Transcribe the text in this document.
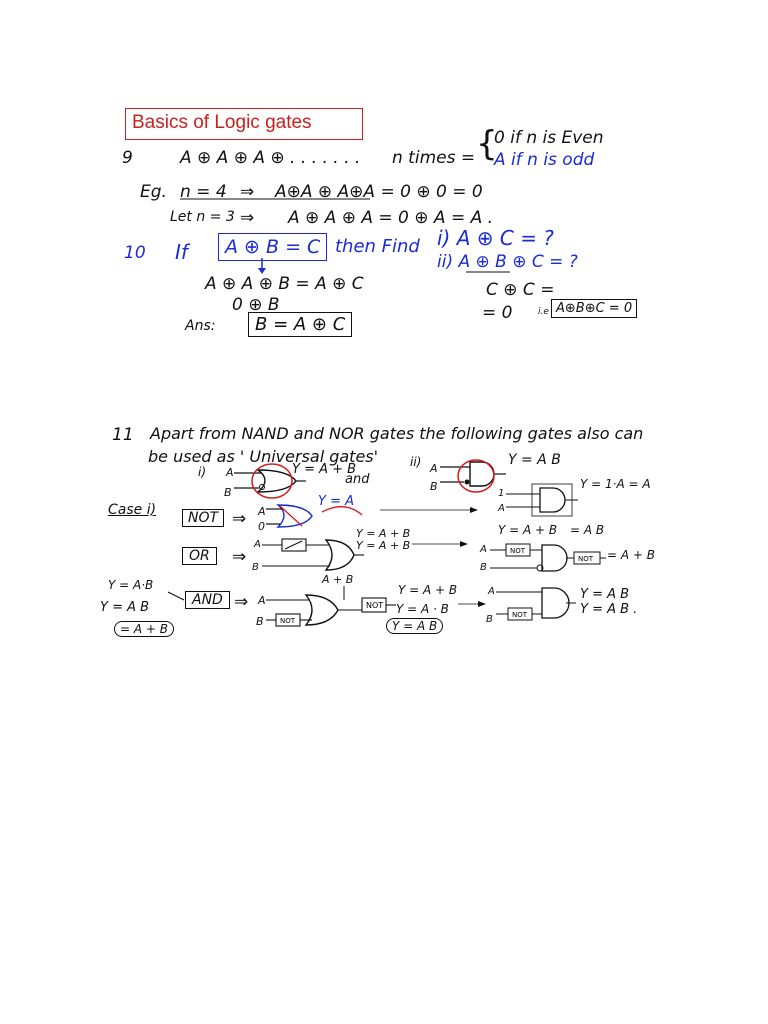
Basics of Logic gates
9	A ⊕ A ⊕ A ⊕ . . . . . . . n times = {
0 if n is Even
A if n is odd
Eg. n = 4 ⇒ A⊕A ⊕ A⊕A = 0 ⊕ 0 = 0
Let n = 3 ⇒ A ⊕ A ⊕ A = 0 ⊕ A = A .
10 If	A ⊕ B = C then Find i) A ⊕ C = ?
ii) A ⊕ B ⊕ C = ?
A ⊕ A ⊕ B = A ⊕ C
0 ⊕ B
Ans:	B = A ⊕ C
C ⊕ C =
= 0	i.e A⊕B⊕C = 0
11 Apart from NAND and NOR gates the following gates also can
be used as ' Universal gates'
i) A
B
Y = A + B
and
ii) A
B
Y = A B
Case i)	NOT ⇒ A
0
Y = A
1
A
Y = 1·A = A
Y = A + B = A B
OR	⇒
A
B
Y = A + B
Y = A + B	A
B
= A + B
Y = A·B
Y = A B
= A + B
AND ⇒ A
B
A + B
Y = A + B
Y = A · B
Y = A B
A
B
Y = A B
Y = A B .
NOT
NOT
NOT
NOT
NOT
